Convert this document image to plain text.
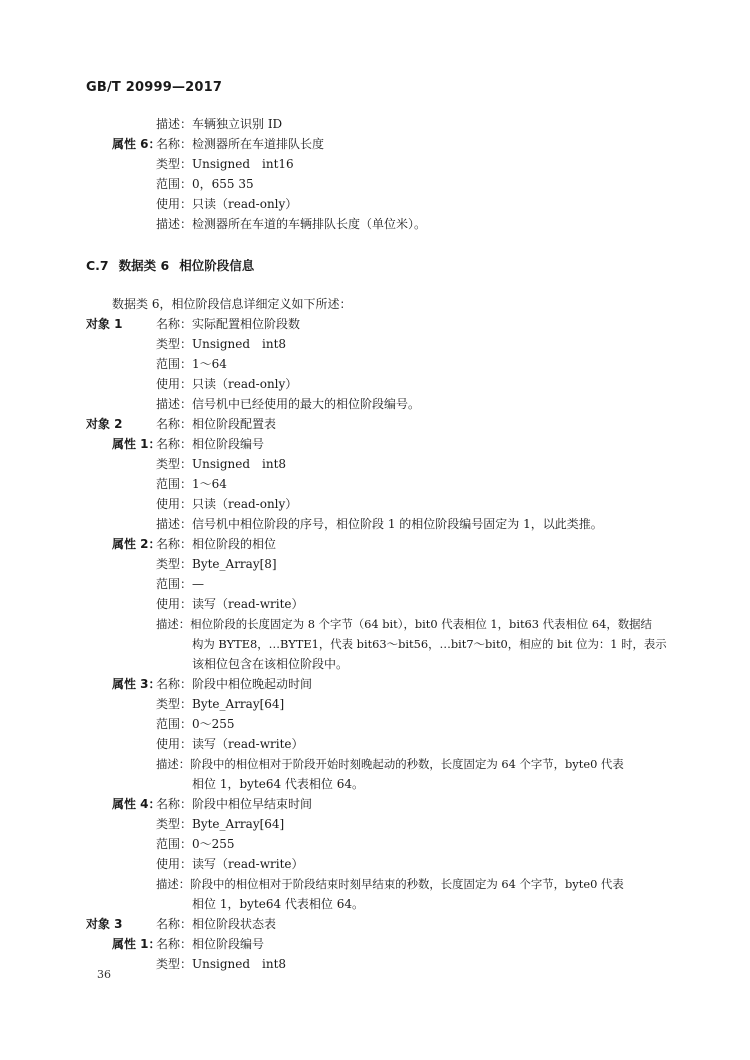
GB/T 20999—2017
描述：车辆独立识别 ID
属性 6：
名称：检测器所在车道排队长度
类型：Unsigned　int16
范围：0，655 35
使用：只读（read-only）
描述：检测器所在车道的车辆排队长度（单位米）。
C.7 数据类 6 相位阶段信息
数据类 6，相位阶段信息详细定义如下所述：
对象 1	名称：实际配置相位阶段数
类型：Unsigned　int8
范围：1～64
使用：只读（read-only）
描述：信号机中已经使用的最大的相位阶段编号。
对象 2	名称：相位阶段配置表
属性 1：
名称：相位阶段编号
类型：Unsigned　int8
范围：1～64
使用：只读（read-only）
描述：信号机中相位阶段的序号，相位阶段 1 的相位阶段编号固定为 1，以此类推。
属性 2：
名称：相位阶段的相位
类型：Byte_Array[8]
范围：—
使用：读写（read-write）
描述：相位阶段的长度固定为 8 个字节（64 bit），bit0 代表相位 1，bit63 代表相位 64，数据结
构为 BYTE8，…BYTE1，代表 bit63～bit56，…bit7～bit0，相应的 bit 位为：1 时，表示
该相位包含在该相位阶段中。
属性 3：
名称：阶段中相位晚起动时间
类型：Byte_Array[64]
范围：0～255
使用：读写（read-write）
描述：阶段中的相位相对于阶段开始时刻晚起动的秒数，长度固定为 64 个字节，byte0 代表
相位 1，byte64 代表相位 64。
属性 4：
名称：阶段中相位早结束时间
类型：Byte_Array[64]
范围：0～255
使用：读写（read-write）
描述：阶段中的相位相对于阶段结束时刻早结束的秒数，长度固定为 64 个字节，byte0 代表
相位 1，byte64 代表相位 64。
对象 3	名称：相位阶段状态表
属性 1：
名称：相位阶段编号
类型：Unsigned　int8
36
